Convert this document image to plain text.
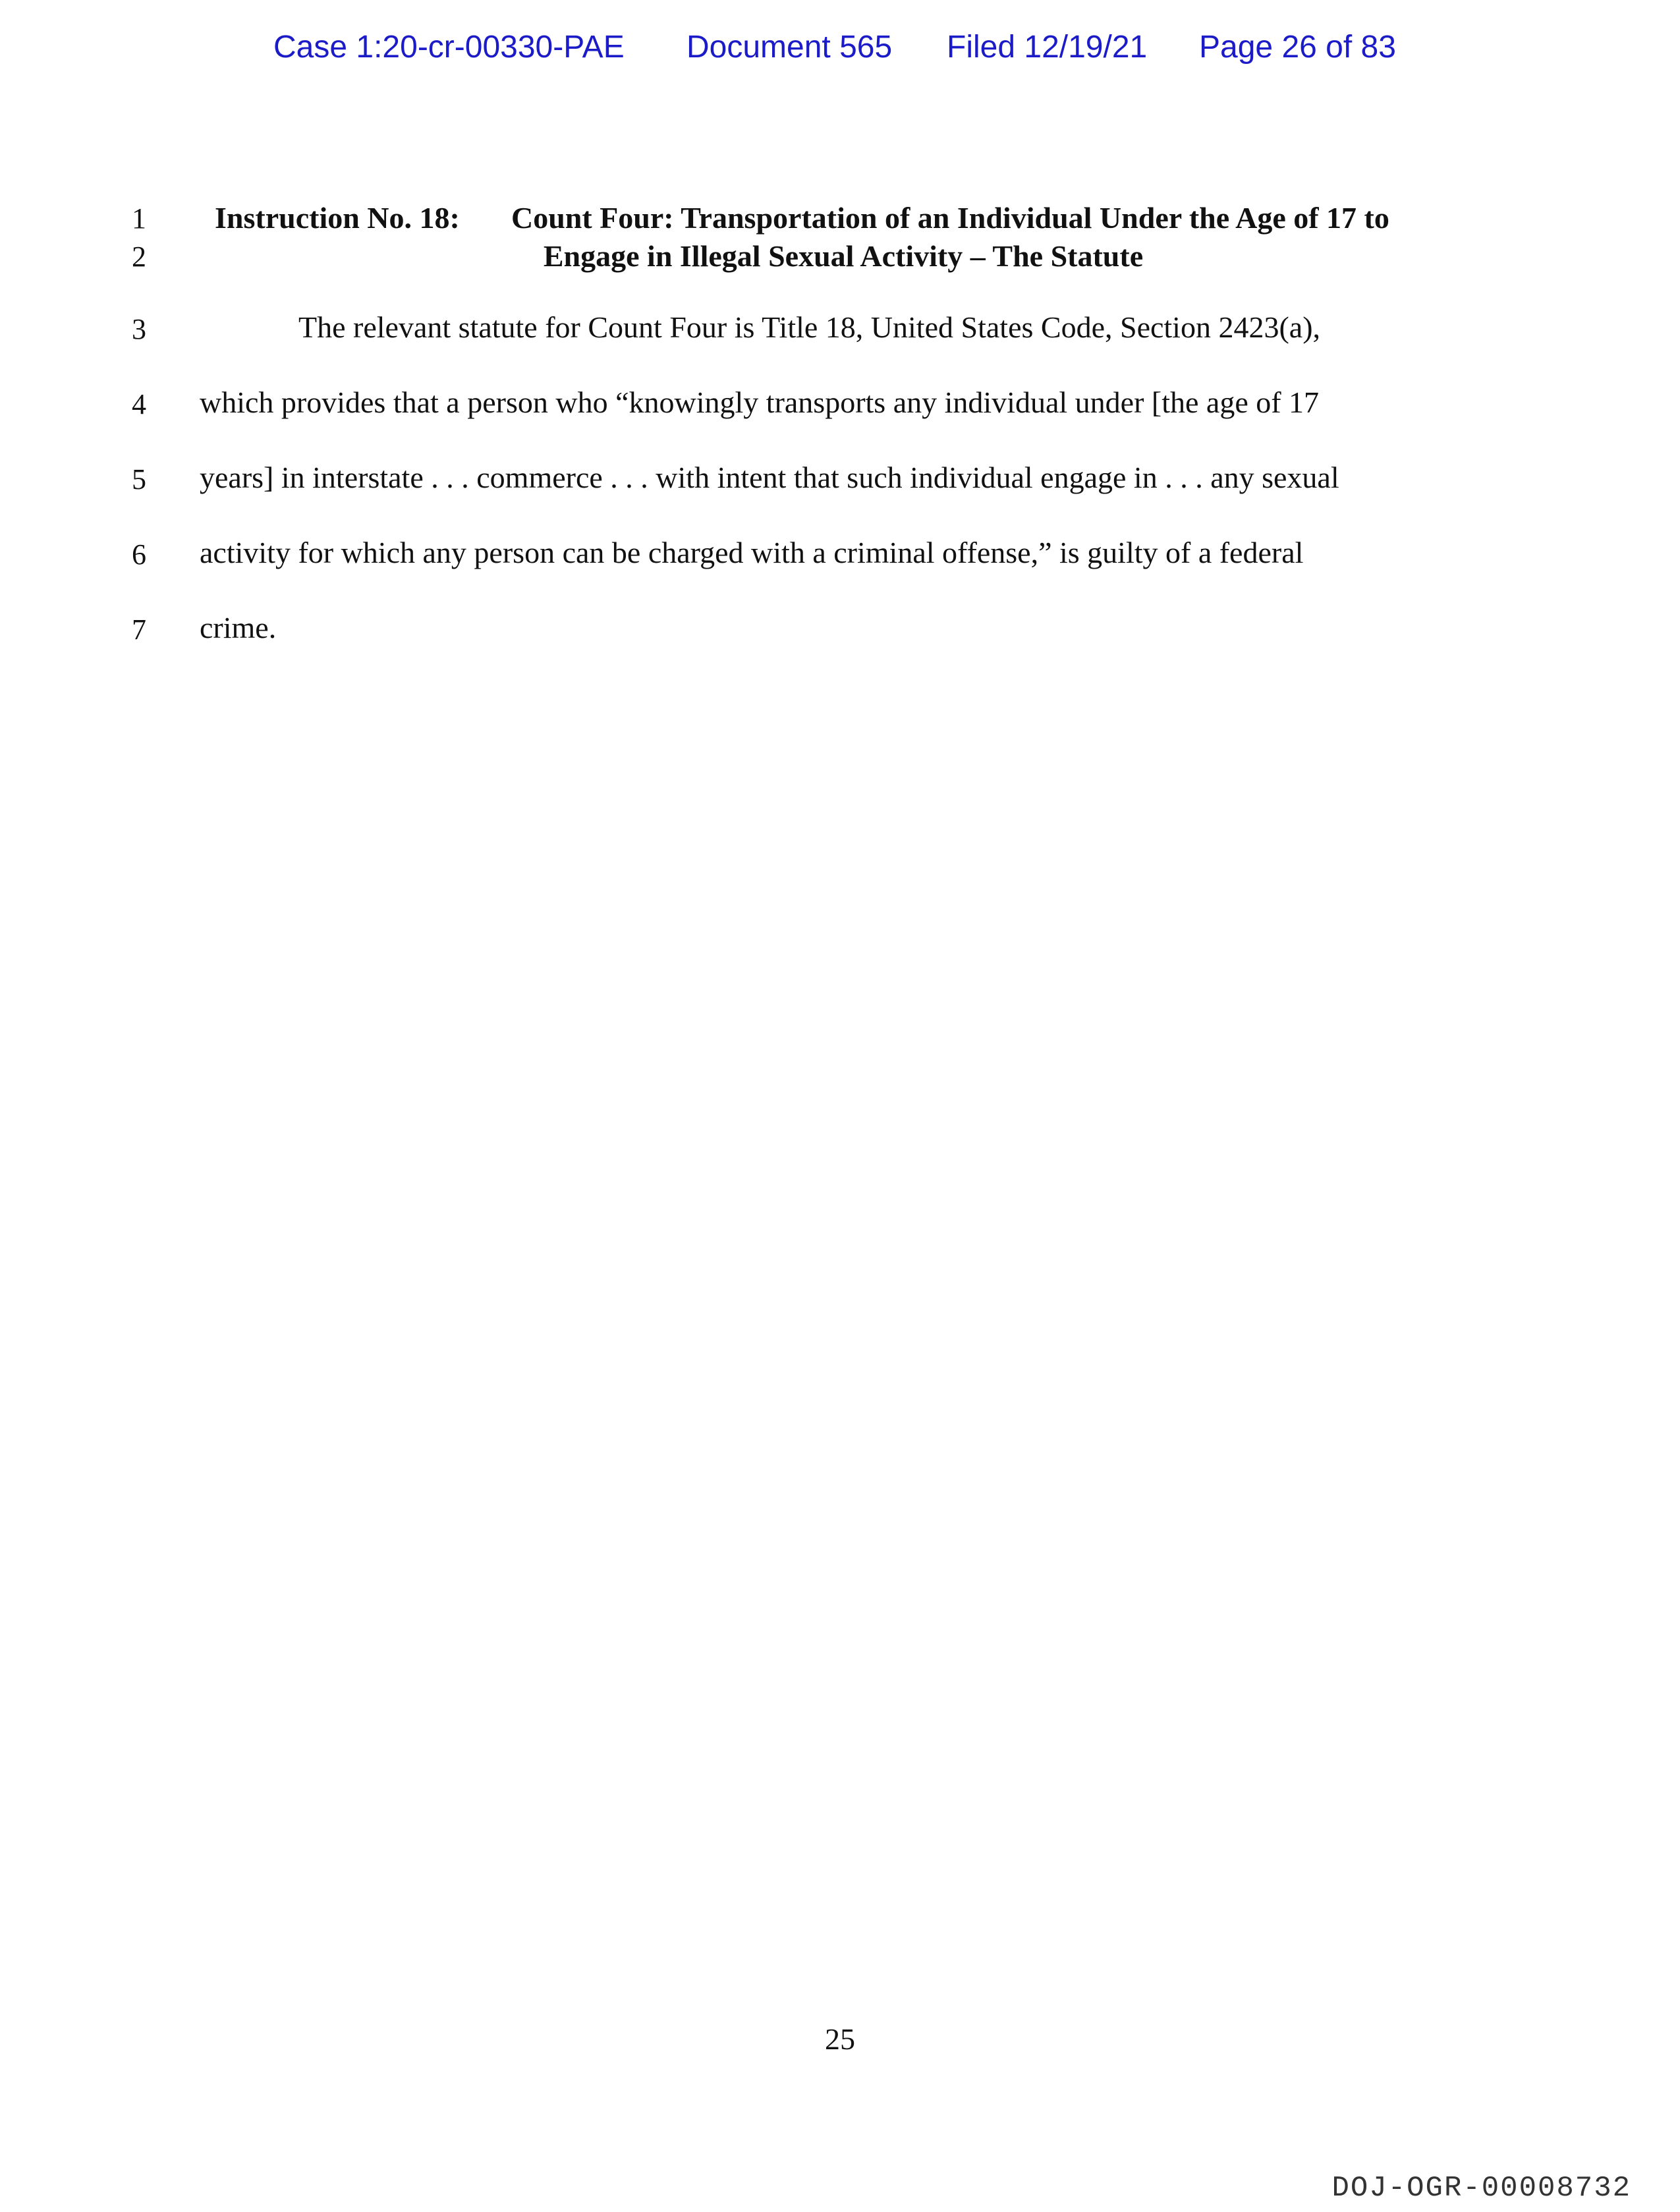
Case 1:20-cr-00330-PAE Document 565 Filed 12/19/21 Page 26 of 83
1
2
3
4
5
6
7
Instruction No. 18: Count Four: Transportation of an Individual Under the Age of 17 to
Engage in Illegal Sexual Activity – The Statute
The relevant statute for Count Four is Title 18, United States Code, Section 2423(a),
which provides that a person who “knowingly transports any individual under [the age of 17
years] in interstate . . . commerce . . . with intent that such individual engage in . . . any sexual
activity for which any person can be charged with a criminal offense,” is guilty of a federal
crime.
25
DOJ-OGR-00008732
